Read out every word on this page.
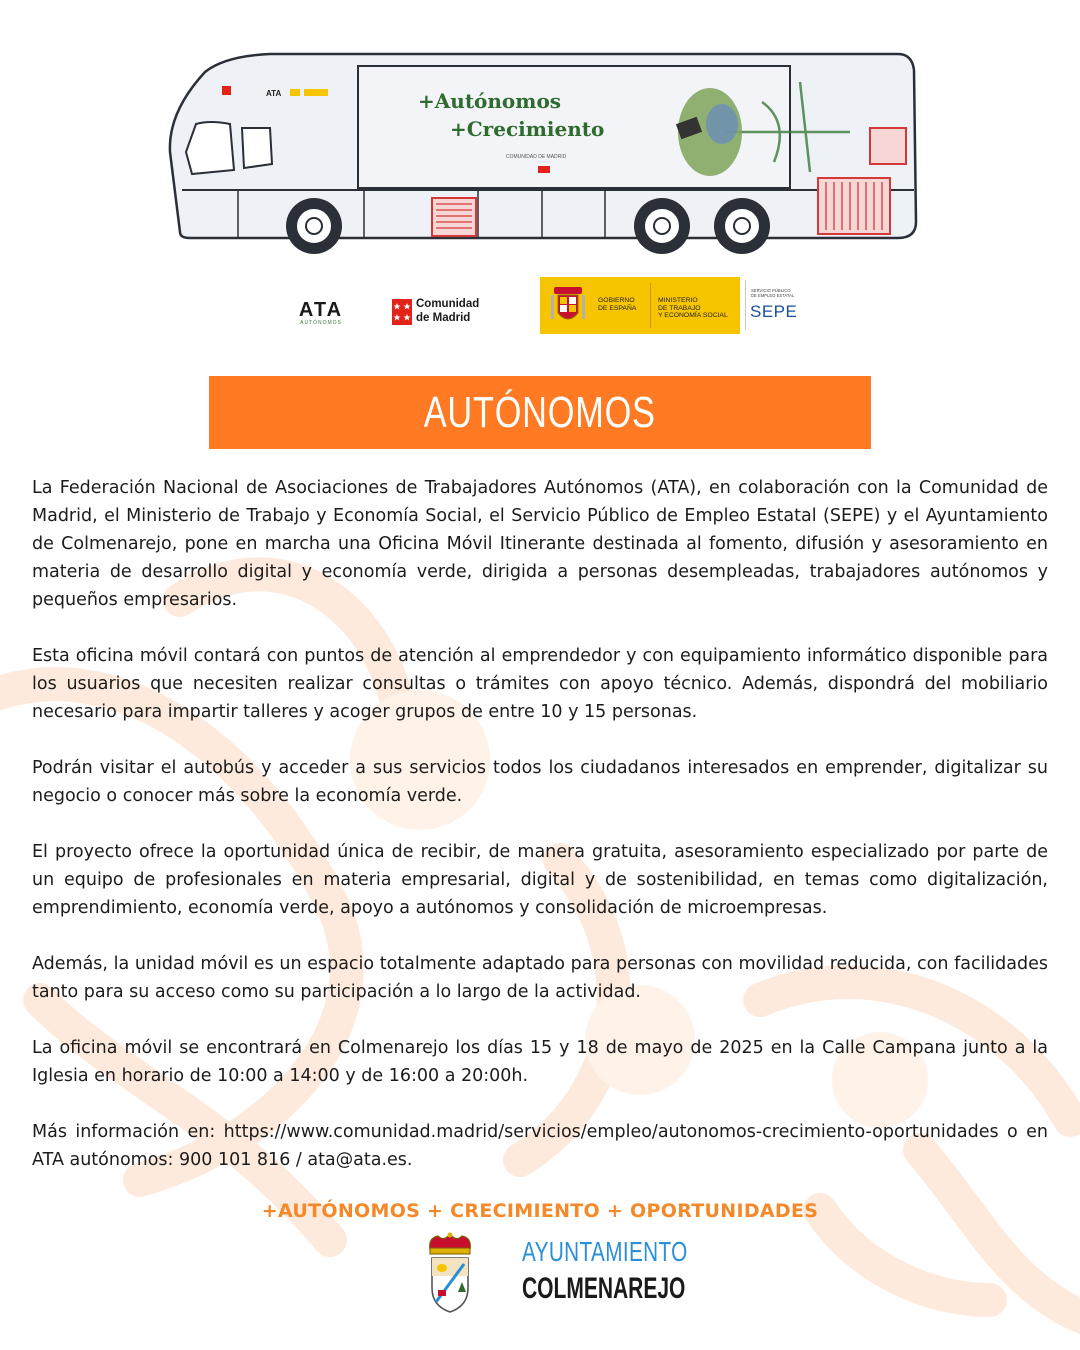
ATA	+Autónomos
+Crecimiento
COMUNIDAD DE MADRID
ATA
AUTÓNOMOS
Comunidad
de Madrid
GOBIERNO
DE ESPAÑA
MINISTERIO
DE TRABAJO
Y ECONOMÍA SOCIAL
SERVICIO PÚBLICO
DE EMPLEO ESTATAL
SEPE
AUTÓNOMOS

La Federación Nacional de Asociaciones de Trabajadores Autónomos (ATA), en colaboración con la Comunidad de Madrid, el Ministerio de Trabajo y Economía Social, el Servicio Público de Empleo Estatal (SEPE) y el Ayuntamiento de Colmenarejo, pone en marcha una Oficina Móvil Itinerante destinada al fomento, difusión y asesoramiento en materia de desarrollo digital y economía verde, dirigida a personas desempleadas, trabajadores autónomos y pequeños empresarios.

Esta oficina móvil contará con puntos de atención al emprendedor y con equipamiento informático disponible para los usuarios que necesiten realizar consultas o trámites con apoyo técnico. Además, dispondrá del mobiliario necesario para impartir talleres y acoger grupos de entre 10 y 15 personas.

Podrán visitar el autobús y acceder a sus servicios todos los ciudadanos interesados en emprender, digitalizar su negocio o conocer más sobre la economía verde.

El proyecto ofrece la oportunidad única de recibir, de manera gratuita, asesoramiento especializado por parte de un equipo de profesionales en materia empresarial, digital y de sostenibilidad, en temas como digitalización, emprendimiento, economía verde, apoyo a autónomos y consolidación de microempresas.

Además, la unidad móvil es un espacio totalmente adaptado para personas con movilidad reducida, con facilidades tanto para su acceso como su participación a lo largo de la actividad.

La oficina móvil se encontrará en Colmenarejo los días 15 y 18 de mayo de 2025 en la Calle Campana junto a la Iglesia en horario de 10:00 a 14:00 y de 16:00 a 20:00h.

Más información en: https://www.comunidad.madrid/servicios/empleo/autonomos-crecimiento-oportunidades o en ATA autónomos: 900 101 816 / ata@ata.es.

+AUTÓNOMOS + CRECIMIENTO + OPORTUNIDADES
AYUNTAMIENTO
COLMENAREJO
